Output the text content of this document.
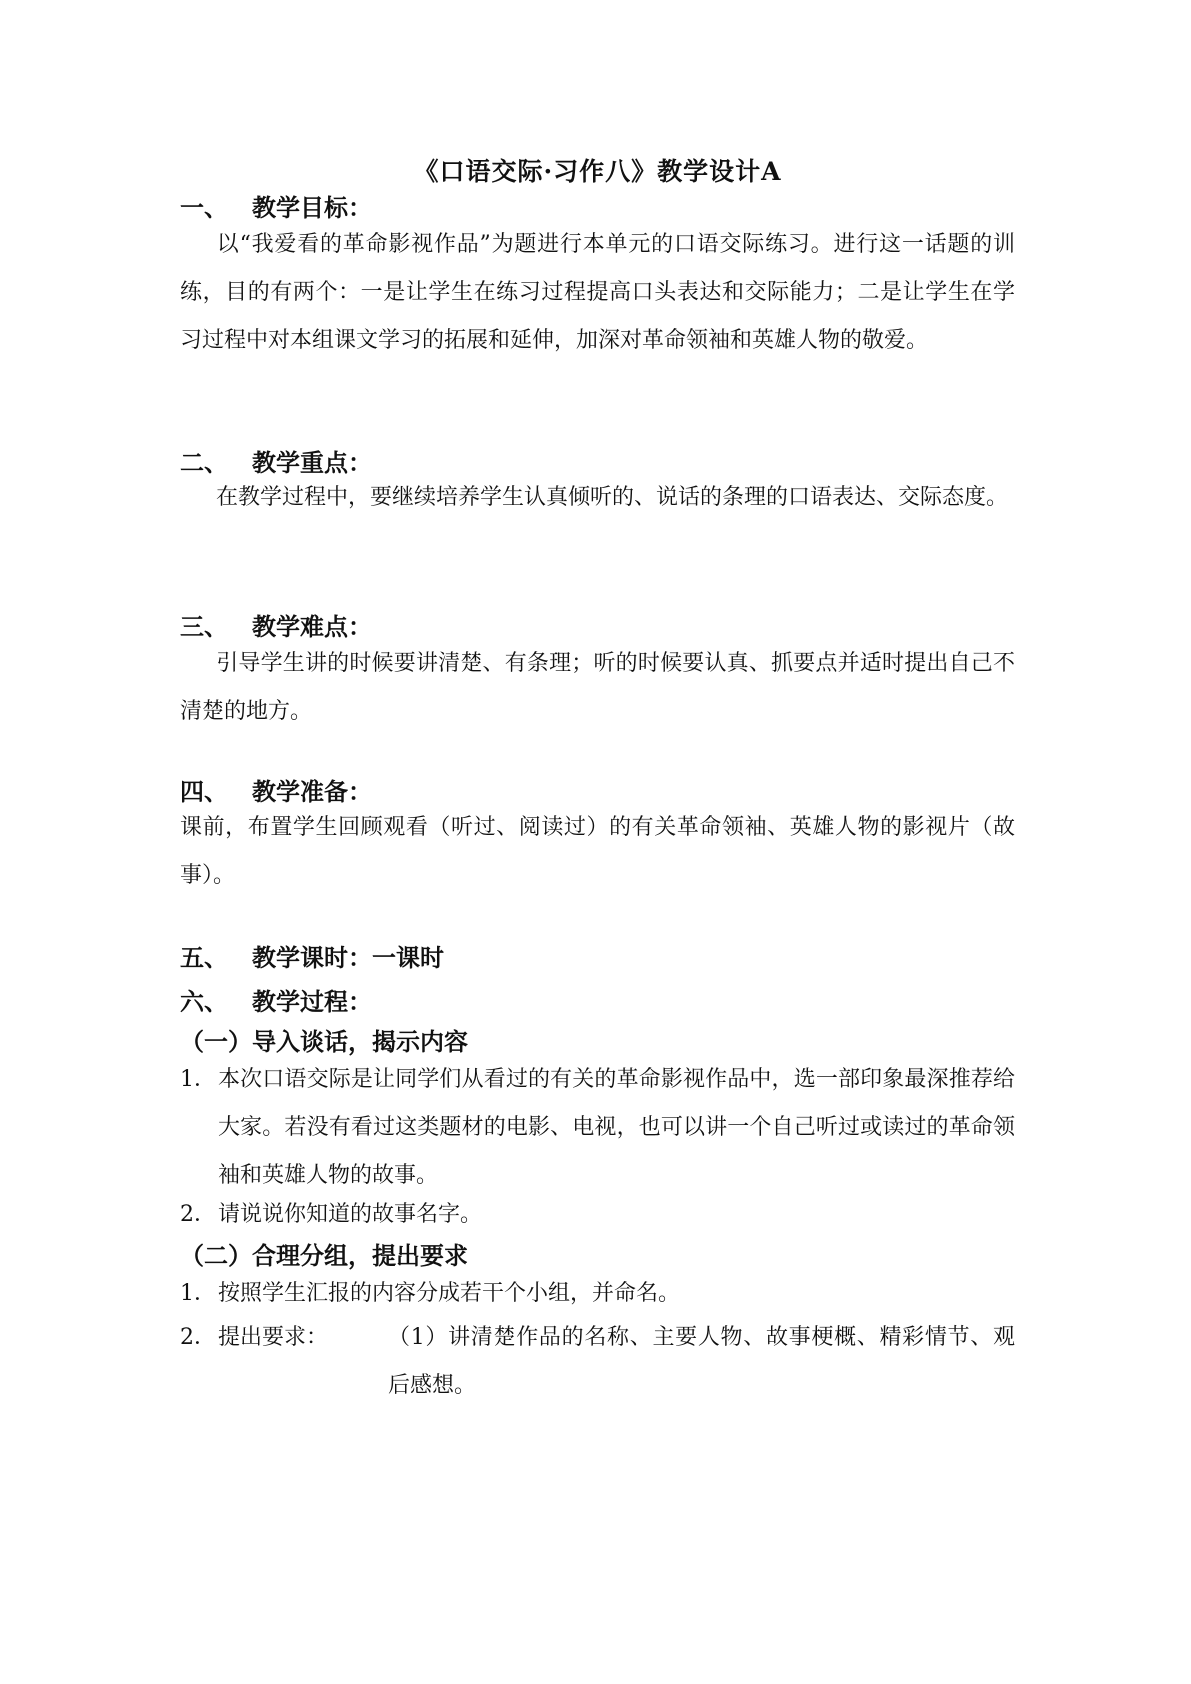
《口语交际·习作八》教学设计A
一、 教学目标：
以“我爱看的革命影视作品”为题进行本单元的口语交际练习。进行这一话题的训练，目的有两个：一是让学生在练习过程提高口头表达和交际能力；二是让学生在学习过程中对本组课文学习的拓展和延伸，加深对革命领袖和英雄人物的敬爱。
二、 教学重点：
在教学过程中，要继续培养学生认真倾听的、说话的条理的口语表达、交际态度。
三、 教学难点：
引导学生讲的时候要讲清楚、有条理；听的时候要认真、抓要点并适时提出自己不清楚的地方。
四、 教学准备：
课前，布置学生回顾观看（听过、阅读过）的有关革命领袖、英雄人物的影视片（故事）。
五、 教学课时：一课时
六、 教学过程：
（一）导入谈话，揭示内容
1． 本次口语交际是让同学们从看过的有关的革命影视作品中，选一部印象最深推荐给大家。若没有看过这类题材的电影、电视，也可以讲一个自己听过或读过的革命领袖和英雄人物的故事。
2． 请说说你知道的故事名字。
（二）合理分组，提出要求
1． 按照学生汇报的内容分成若干个小组，并命名。
2． 提出要求：	（1）讲清楚作品的名称、主要人物、故事梗概、精彩情节、观后感想。
